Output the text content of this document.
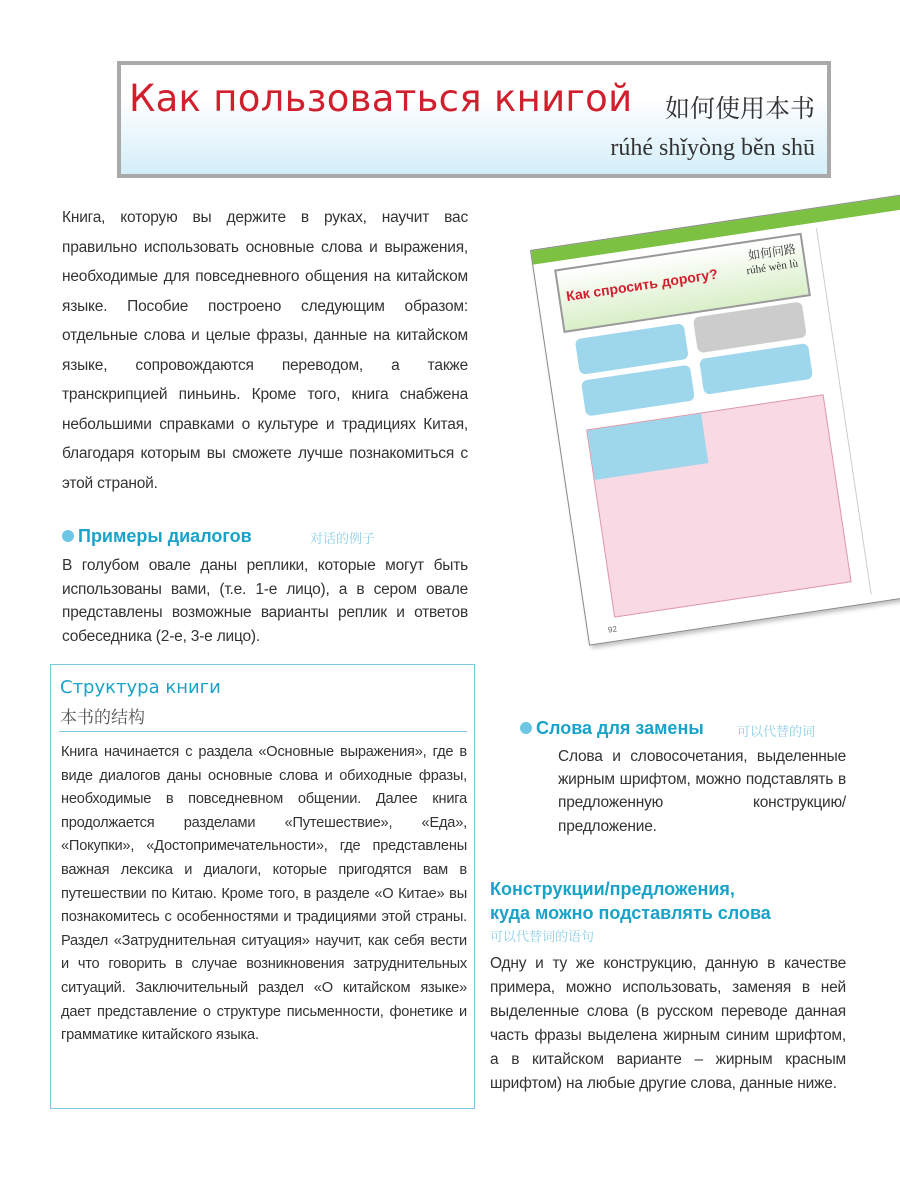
Как пользоваться книгой 如何使用本书
rúhé shǐyòng běn shū

Книга, которую вы держите в руках, научит вас правильно использовать основные слова и выражения, необходимые для повседневного общения на китайском языке. Пособие построено следующим образом: отдельные слова и целые фразы, данные на китайском языке, сопровождаются переводом, а также транскрипцией пиньинь. Кроме того, книга снабжена небольшими справками о культуре и традициях Китая, благодаря которым вы сможете лучше познакомиться с этой страной.

Примеры диалогов	对话的例子

В голубом овале даны реплики, которые могут быть использованы вами, (т.е. 1-е лицо), а в сером овале представлены возможные варианты реплик и ответов собеседника (2-е, 3-е лицо).

Как спросить дорогу?
如何问路
rúhé wèn lù
92
Структура книги
本书的结构

Книга начинается с раздела «Основные выражения», где в виде диалогов даны основные слова и обиходные фразы, необходимые в повседневном общении. Далее книга продолжается разделами «Путешествие», «Еда», «Покупки», «Достопримечательности», где представлены важная лексика и диалоги, которые пригодятся вам в путешествии по Китаю. Кроме того, в разделе «О Китае» вы познакомитесь с особенностями и традициями этой страны. Раздел «Затруднительная ситуация» научит, как себя вести и что говорить в случае возникновения затруднительных ситуаций. Заключительный раздел «О китайском языке» дает представление о структуре письменности, фонетике и грамматике китайского языка.

Слова для замены	可以代替的词

Слова и словосочетания, выделенные жирным шрифтом, можно подставлять в предложенную конструкцию/предложение.

Конструкции/предложения,
куда можно подставлять слова
可以代替词的语句

Одну и ту же конструкцию, данную в качестве примера, можно использовать, заменяя в ней выделенные слова (в русском переводе данная часть фразы выделена жирным синим шрифтом, а в китайском варианте – жирным красным шрифтом) на любые другие слова, данные ниже.
